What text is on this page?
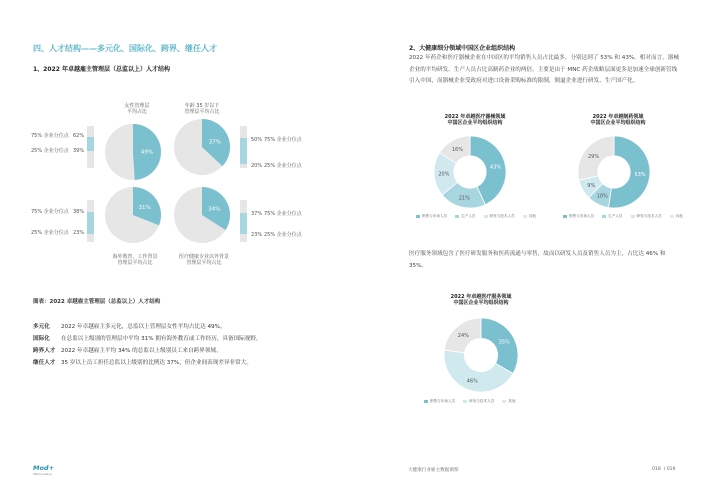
四、人才结构——多元化、国际化、跨界、继任人才
1、2022 年卓越雇主管理层（总监以上）人才结构
女性管理层
平均占比
年龄 35 岁以下
管理层平均占比
49%
37%
31%	34%
海外教育、工作背景
管理层平均占比
医疗健康专业以外背景
管理层平均占比
75% 企业分位点 62%
25% 企业分位点 39%
50% 75% 企业分位点
20% 25% 企业分位点
75% 企业分位点 38%
25% 企业分位点 23%
37% 75% 企业分位点
23% 25% 企业分位点
图表：2022 卓越雇主管理层（总监以上）人才结构
多元化	2022 年卓越雇主多元化，总监以上管理层女性平均占比达 49%。
国际化	在总监以上级别的管理层中平均 31% 拥有海外教育或工作经历，具备国际视野。
跨界人才	2022 年卓越雇主平均 34% 的总监以上级别员工来自跨界领域。
继任人才	35 岁以上员工担任总监以上级别的比例达 37%，但企业间表现差异非常大。
2、大健康细分领域中国区企业组织结构
2022 年药企和医疗器械企业在中国区的平均销售人员占比最多，分别达到了 53% 和 43%。相对而言，器械企业的平均研发、生产人员占比高制药企业的两倍。主要是由于 MNC 药企战略层面更多是加速全球创新管线引入中国，而器械企业受政府对进口设备采购标准的限制，倒逼企业进行研发、生产国产化。
2022 年卓越医疗器械领域
中国区企业平均组织结构
2022 年卓越制药领域
中国区企业平均组织结构
43%
21%
20%
16%
53%
10%
9%
29%
销售与市场人员	生产人员	研发与技术人员	其他	销售与市场人员	生产人员	研发与技术人员	其他
医疗服务领域包含了医疗研发服务和医药流通与零售，故而以研发人员及销售人员为主，占比达 46% 和 35%。
2022 年卓越医疗服务领域
中国区企业平均组织结构
35%
46%
24%
销售与市场人员	研发与技术人员	其他
Mod+
HRConsulting
大健康行业雇主数据洞察	018  / 019
